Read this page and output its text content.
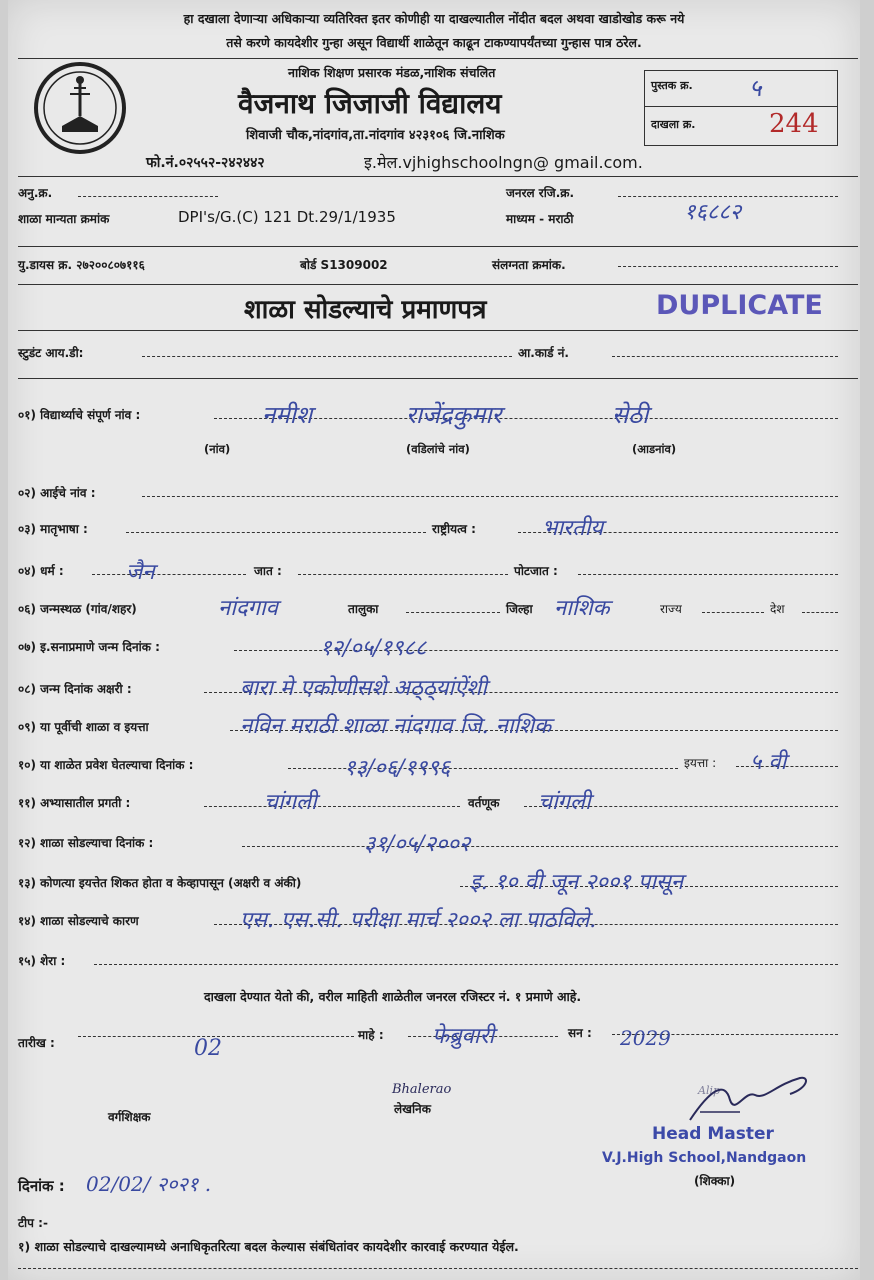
हा दखाला देणाऱ्या अधिकाऱ्या व्यतिरिक्त इतर कोणीही या दाखल्यातील नोंदीत बदल अथवा खाडोखोड करू नये
तसे करणे कायदेशीर गुन्हा असून विद्यार्थी शाळेतून काढून टाकण्यापर्यंतच्या गुन्हास पात्र ठरेल.
नाशिक शिक्षण प्रसारक मंडळ,नाशिक संचलित
वैजनाथ जिजाजी विद्यालय
शिवाजी चौक,नांदगांव,ता.नांदगांव ४२३१०६ जि.नाशिक
फो.नं.०२५५२-२४२४४२	इ.मेल.vjhighschoolngn@ gmail.com.
पुस्तक क्र. ५
दाखला क्र.	244
अनु.क्र.	जनरल रजि.क्र.
शाळा मान्यता क्रमांक	DPI's/G.(C) 121 Dt.29/1/1935	माध्यम - मराठी	१६८८२
यु.डायस क्र. २७२००८०७११६	बोर्ड S1309002	संलग्नता क्रमांक.
शाळा सोडल्याचे प्रमाणपत्र	DUPLICATE
स्टुडंट आय.डी:	आ.कार्ड नं.
०१) विद्यार्थ्याचे संपूर्ण नांव :	नमीश	राजेंद्रकुमार	सेठी
(नांव)	(वडिलांचे नांव)	(आडनांव)
०२) आईचे नांव :
०३) मातृभाषा :	राष्ट्रीयत्व :	भारतीय
०४) धर्म :	जैन	जात :	पोटजात :
०६) जन्मस्थळ (गांव/शहर)	नांदगाव	तालुका	जिल्हा नाशिक	राज्य	देश
०७) इ.सनाप्रमाणे जन्म दिनांक :	१२/०५/१९८८
०८) जन्म दिनांक अक्षरी :	बारा मे एकोणीसशे अठ्ठ्यांऐंशी
०९) या पूर्वीची शाळा व इयत्ता	नविन मराठी शाळा नांदगाव जि. नाशिक
१०) या शाळेत प्रवेश घेतल्याचा दिनांक :	१३/०६/१९९६	इयत्ता : ५ वी
११) अभ्यासातील प्रगती :	चांगली	वर्तणूक चांगली
१२) शाळा सोडल्याचा दिनांक :	३१/०५/२००२
१३) कोणत्या इयत्तेत शिकत होता व केव्हापासून (अक्षरी व अंकी)	इ. १० वी जून २००१ पासून
१४) शाळा सोडल्याचे कारण	एस. एस.सी. परीक्षा मार्च २००२ ला पाठविले.
१५) शेरा :
दाखला देण्यात येतो की, वरील माहिती शाळेतील जनरल रजिस्टर नं. १ प्रमाणे आहे.
तारीख :	02
माहे : फेब्रुवारी	सन : 2029
वर्गशिक्षक
Bhalerao
लेखनिक
Alip
Head Master
V.J.High School,Nandgaon
(शिक्का)
दिनांक : 02/02/ २०२१ .
टीप :-
१) शाळा सोडल्याचे दाखल्यामध्ये अनाधिकृतरित्या बदल केल्यास संबंधितांवर कायदेशीर कारवाई करण्यात येईल.
